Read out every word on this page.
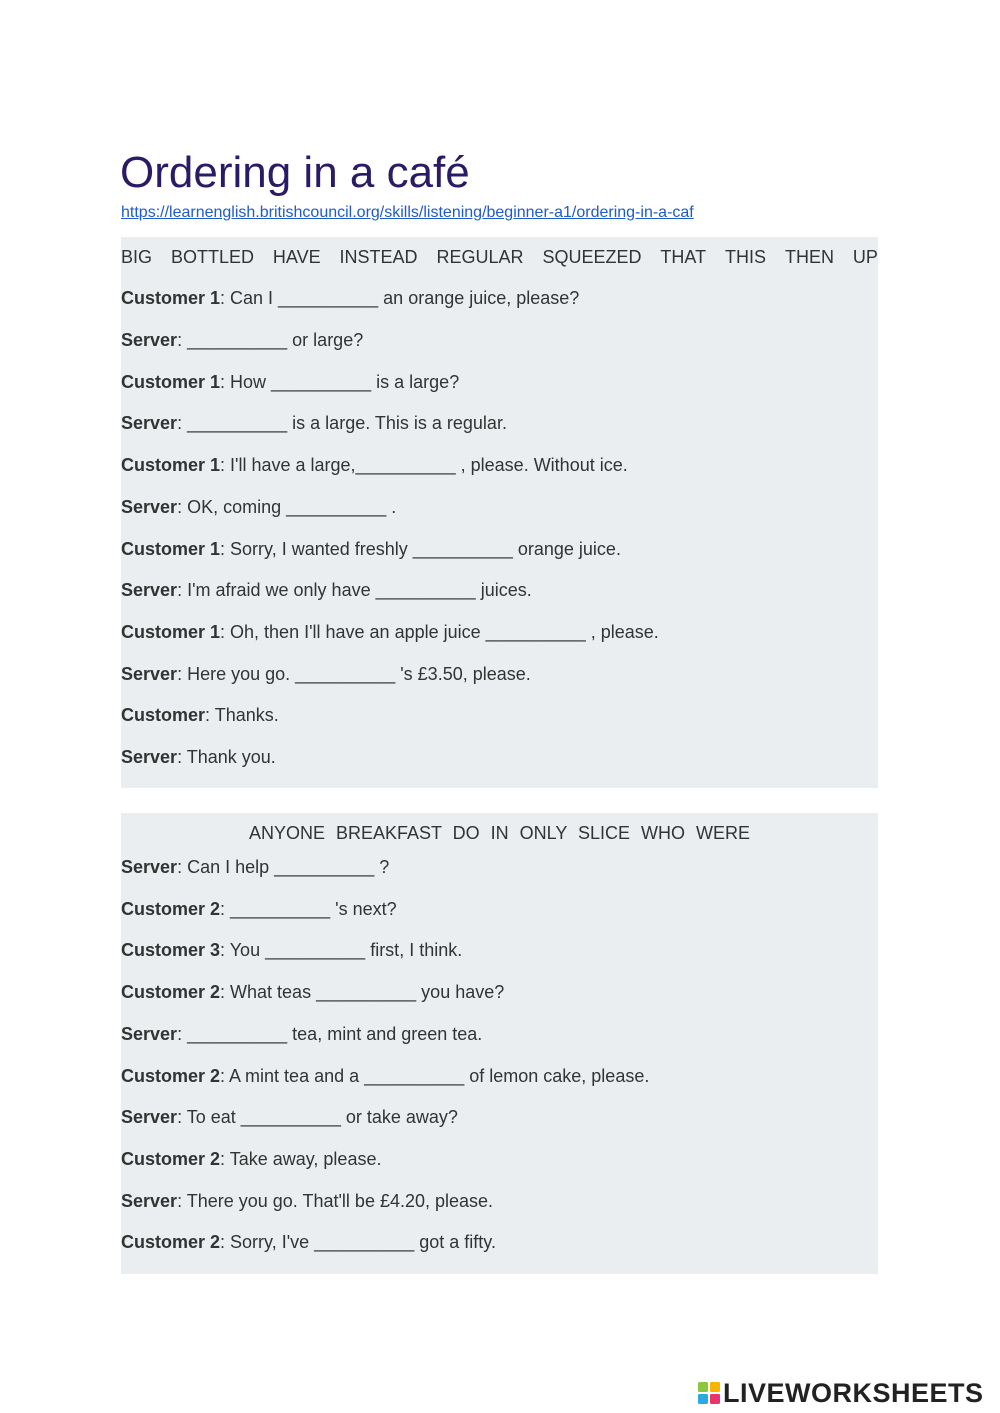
Ordering in a café
https://learnenglish.britishcouncil.org/skills/listening/beginner-a1/ordering-in-a-caf
BIG BOTTLED HAVE INSTEAD REGULAR SQUEEZED THAT THIS THEN UP
Customer 1: Can I __________ an orange juice, please?
Server: __________ or large?
Customer 1: How __________ is a large?
Server: __________ is a large. This is a regular.
Customer 1: I'll have a large,__________ , please. Without ice.
Server: OK, coming __________ .
Customer 1: Sorry, I wanted freshly __________ orange juice.
Server: I'm afraid we only have __________ juices.
Customer 1: Oh, then I'll have an apple juice __________ , please.
Server: Here you go. __________ 's £3.50, please.
Customer: Thanks.
Server: Thank you.
ANYONE BREAKFAST DO IN ONLY SLICE WHO WERE
Server: Can I help __________ ?
Customer 2: __________ 's next?
Customer 3: You __________ first, I think.
Customer 2: What teas __________ you have?
Server: __________ tea, mint and green tea.
Customer 2: A mint tea and a __________ of lemon cake, please.
Server: To eat __________ or take away?
Customer 2: Take away, please.
Server: There you go. That'll be £4.20, please.
Customer 2: Sorry, I've __________ got a fifty.
LIVEWORKSHEETS
